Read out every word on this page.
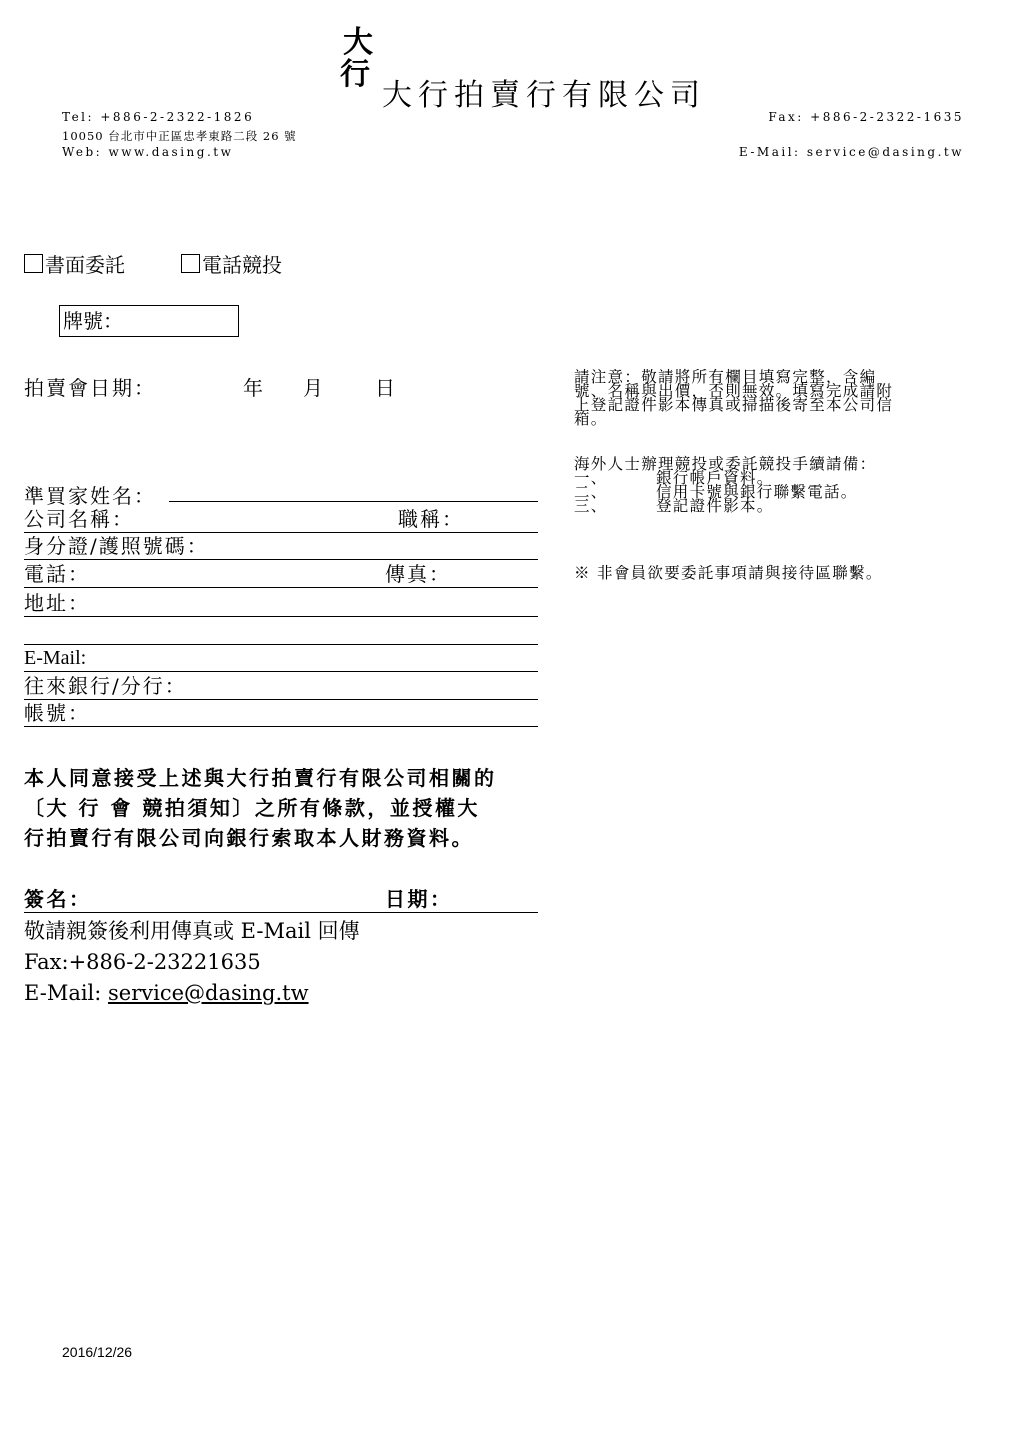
大
行
大行拍賣行有限公司
Tel: +886-2-2322-1826	Fax: +886-2-2322-1635
10050 台北市中正區忠孝東路二段 26 號
Web: www.dasing.tw	E-Mail: service@dasing.tw
書面委託	電話競投
牌號：
拍賣會日期：	年 月	日
準買家姓名：
公司名稱：	職稱：
身分證/護照號碼：
電話：	傳真：
地址：
E-Mail:
往來銀行/分行：
帳號：

請注意：敬請將所有欄目填寫完整，含編

號、名稱與出價，否則無效。填寫完成請附

上登記證件影本傳真或掃描後寄至本公司信

箱。

海外人士辦理競投或委託競投手續請備：

一、	銀行帳戶資料。

二、	信用卡號與銀行聯繫電話。

三、	登記證件影本。

※ 非會員欲要委託事項請與接待區聯繫。
本人同意接受上述與大行拍賣行有限公司相關的
〔大 行 會 競拍須知〕之所有條款，並授權大
行拍賣行有限公司向銀行索取本人財務資料。
簽名：	日期：
敬請親簽後利用傳真或 E-Mail 回傳
Fax:+886-2-23221635
E-Mail: service@dasing.tw
2016/12/26
